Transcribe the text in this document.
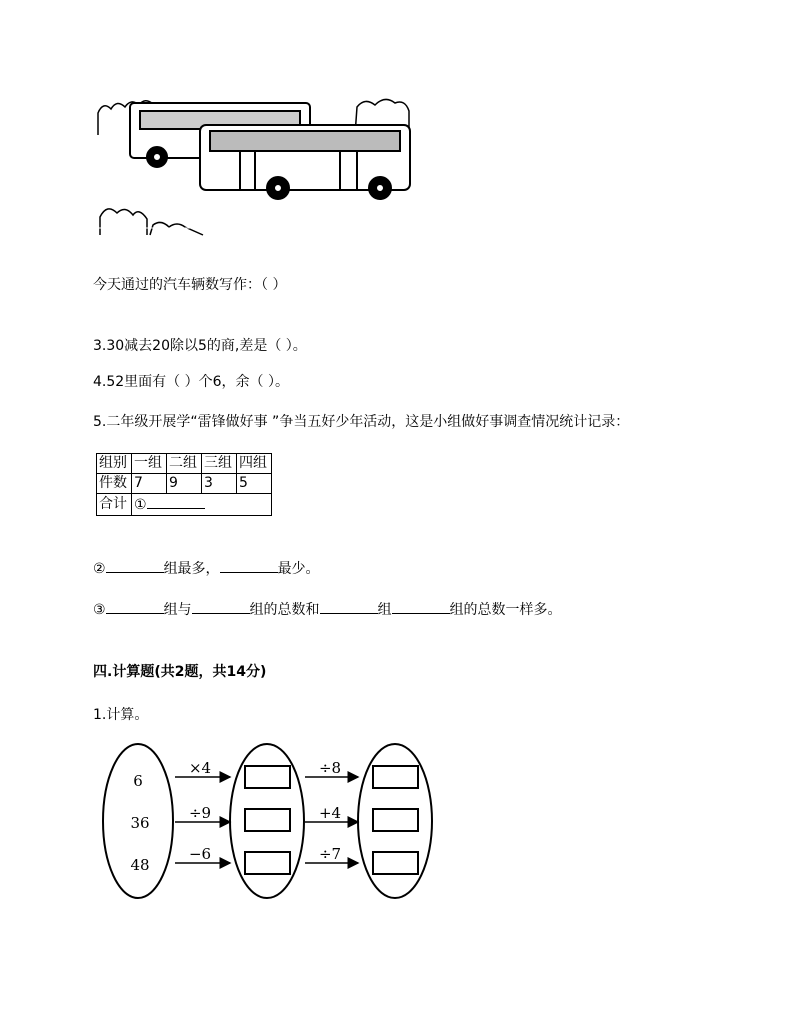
今天通过的汽车辆数写作：（ ）
3.30减去20除以5的商,差是（ ）。
4.52里面有（ ）个6，余（ ）。
5.二年级开展学“雷锋做好事 ”争当五好少年活动，这是小组做好事调查情况统计记录：
组别	一组	二组	三组	四组
件数	7	9	3	5
合计	①			
②	组最多，	最少。
③	组与	组的总数和	组	组的总数一样多。
四.计算题(共2题，共14分)
1.计算。
6
36
48
×4
÷9
−6
÷8
+4
÷7
